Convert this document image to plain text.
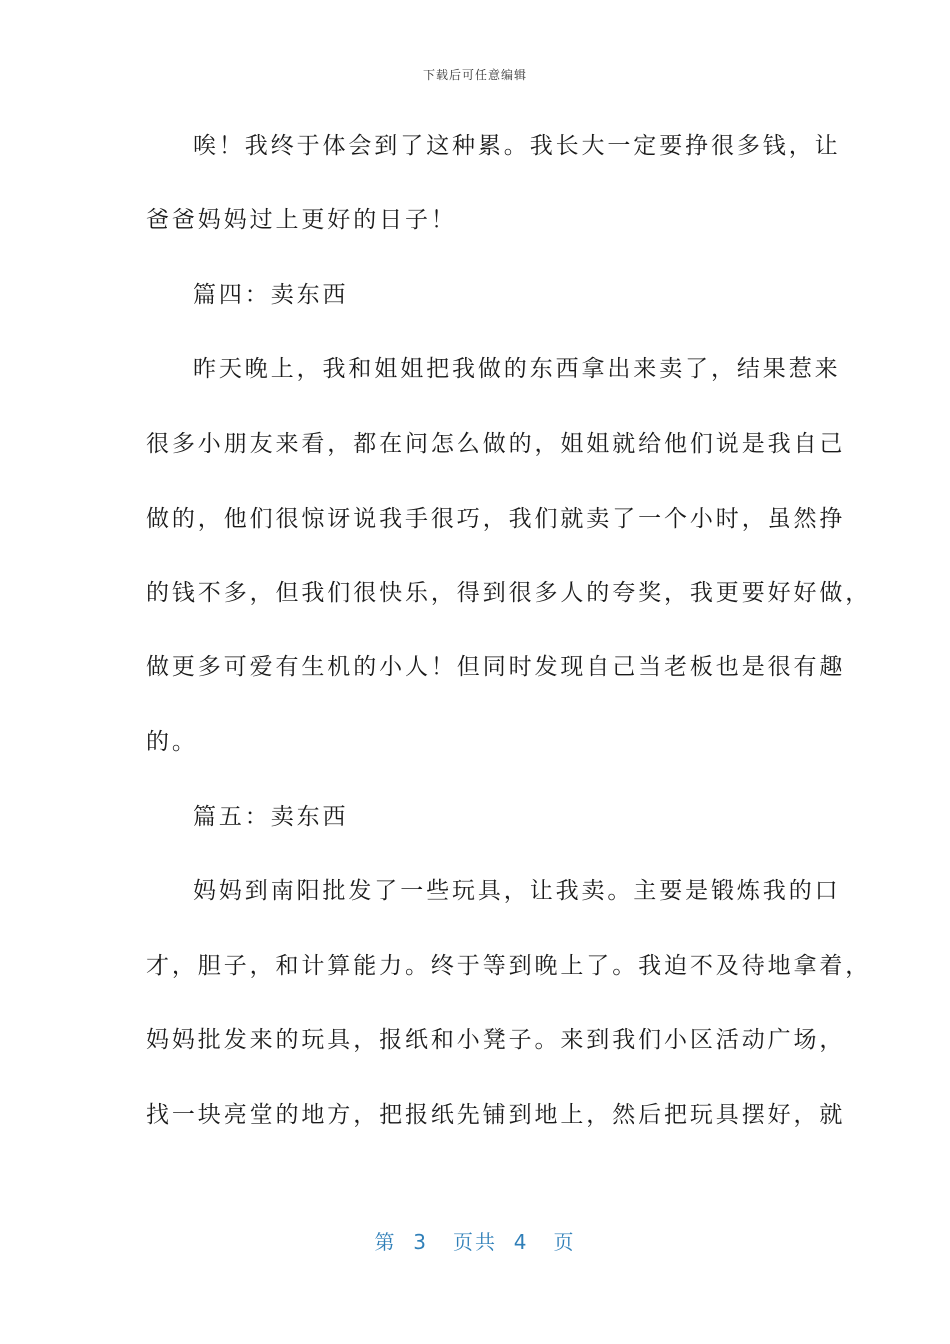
下载后可任意编辑
唉！我终于体会到了这种累。我长大一定要挣很多钱，让
爸爸妈妈过上更好的日子！
篇四：卖东西
昨天晚上，我和姐姐把我做的东西拿出来卖了，结果惹来
很多小朋友来看，都在问怎么做的，姐姐就给他们说是我自己
做的，他们很惊讶说我手很巧，我们就卖了一个小时，虽然挣
的钱不多，但我们很快乐，得到很多人的夸奖，我更要好好做，
做更多可爱有生机的小人！但同时发现自己当老板也是很有趣
的。
篇五：卖东西
妈妈到南阳批发了一些玩具，让我卖。主要是锻炼我的口
才，胆子，和计算能力。终于等到晚上了。我迫不及待地拿着，
妈妈批发来的玩具，报纸和小凳子。来到我们小区活动广场，
找一块亮堂的地方，把报纸先铺到地上，然后把玩具摆好，就
第  3   页共  4   页
